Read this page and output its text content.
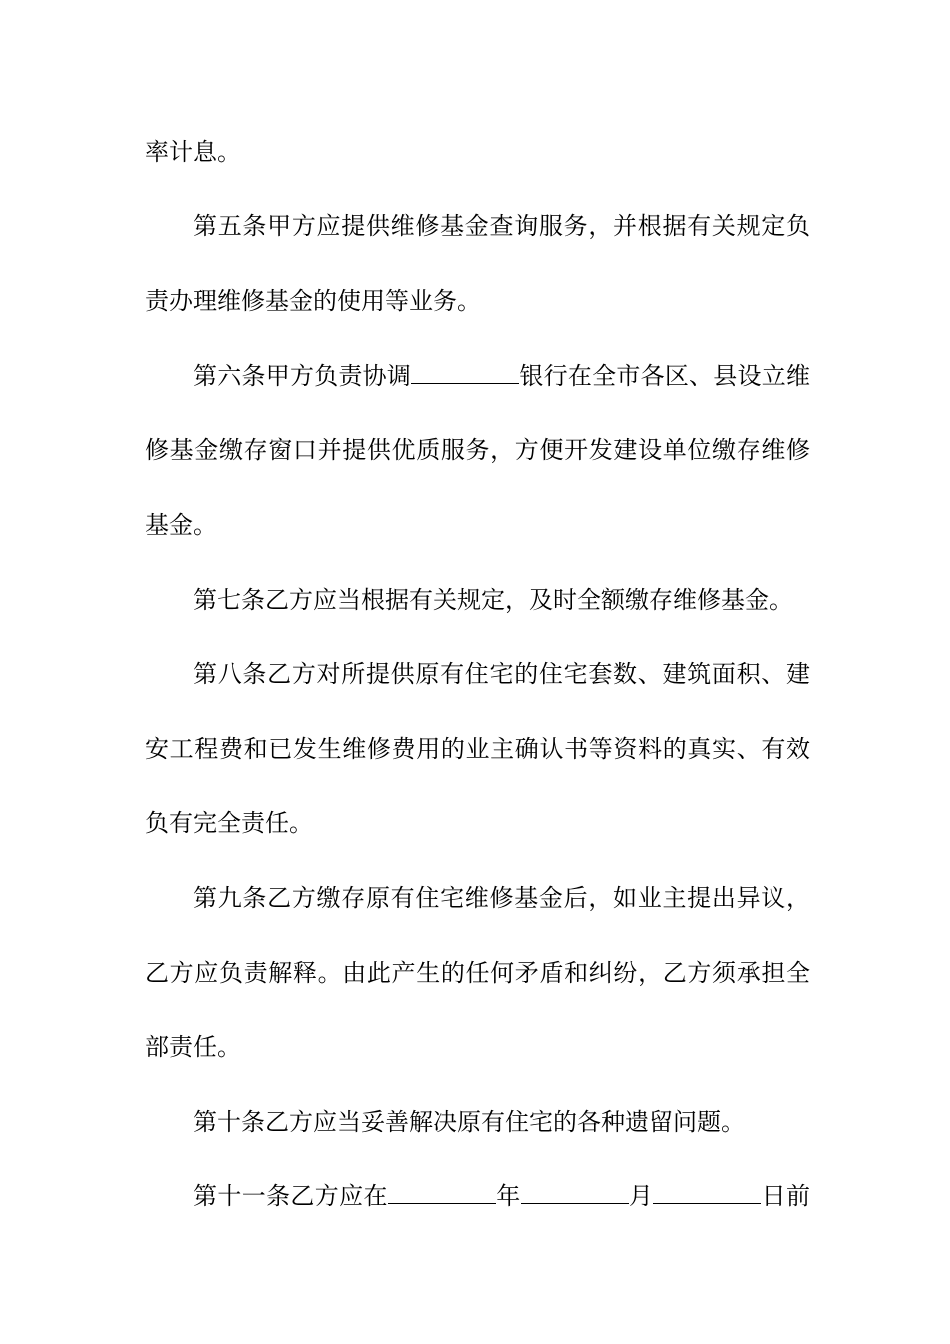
率计息。
第五条甲方应提供维修基金查询服务，并根据有关规定负
责办理维修基金的使用等业务。
第六条甲方负责协调	银行在全市各区、县设立维
修基金缴存窗口并提供优质服务，方便开发建设单位缴存维修
基金。
第七条乙方应当根据有关规定，及时全额缴存维修基金。
第八条乙方对所提供原有住宅的住宅套数、建筑面积、建
安工程费和已发生维修费用的业主确认书等资料的真实、有效
负有完全责任。
第九条乙方缴存原有住宅维修基金后，如业主提出异议，
乙方应负责解释。由此产生的任何矛盾和纠纷，乙方须承担全
部责任。
第十条乙方应当妥善解决原有住宅的各种遗留问题。
第十一条乙方应在	年	月	日前
